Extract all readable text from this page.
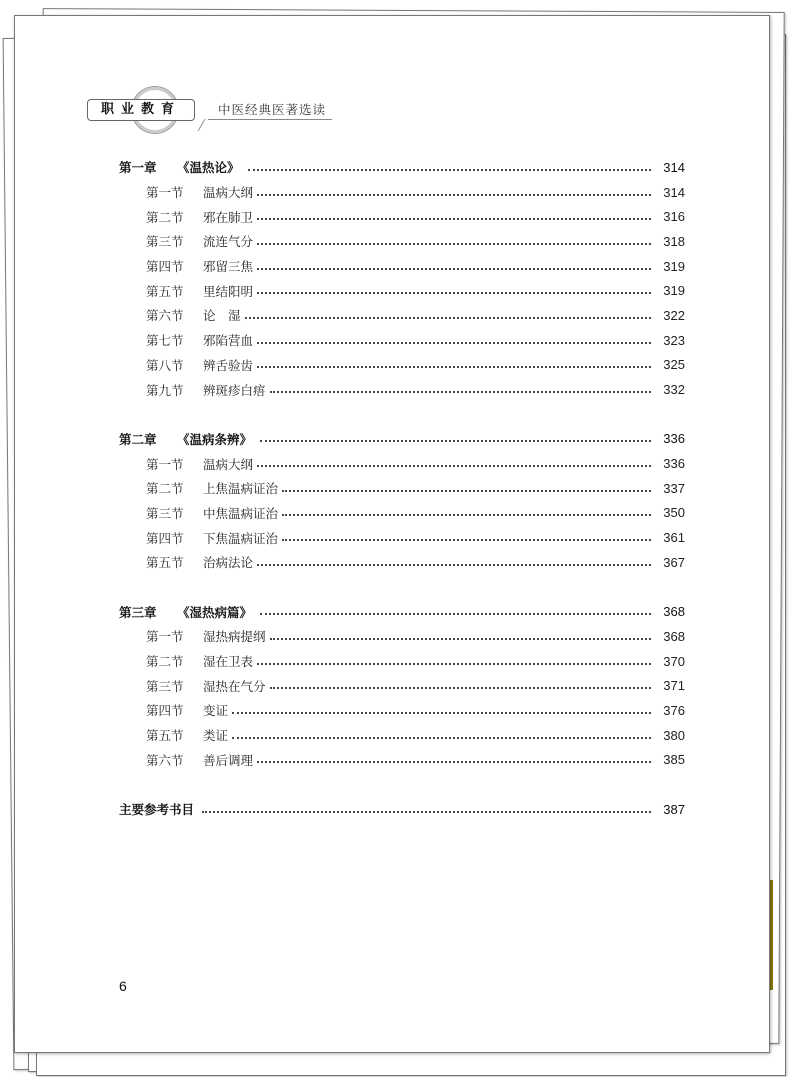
职业教育	中医经典医著选读
第一章	《温热论》	314
第一节	温病大纲	314
第二节	邪在肺卫	316
第三节	流连气分	318
第四节	邪留三焦	319
第五节	里结阳明	319
第六节	论　湿	322
第七节	邪陷营血	323
第八节	辨舌验齿	325
第九节	辨斑疹白痦	332
第二章	《温病条辨》	336
第一节	温病大纲	336
第二节	上焦温病证治	337
第三节	中焦温病证治	350
第四节	下焦温病证治	361
第五节	治病法论	367
第三章	《湿热病篇》	368
第一节	湿热病提纲	368
第二节	湿在卫表	370
第三节	湿热在气分	371
第四节	变证	376
第五节	类证	380
第六节	善后调理	385
主要参考书目	387
6
